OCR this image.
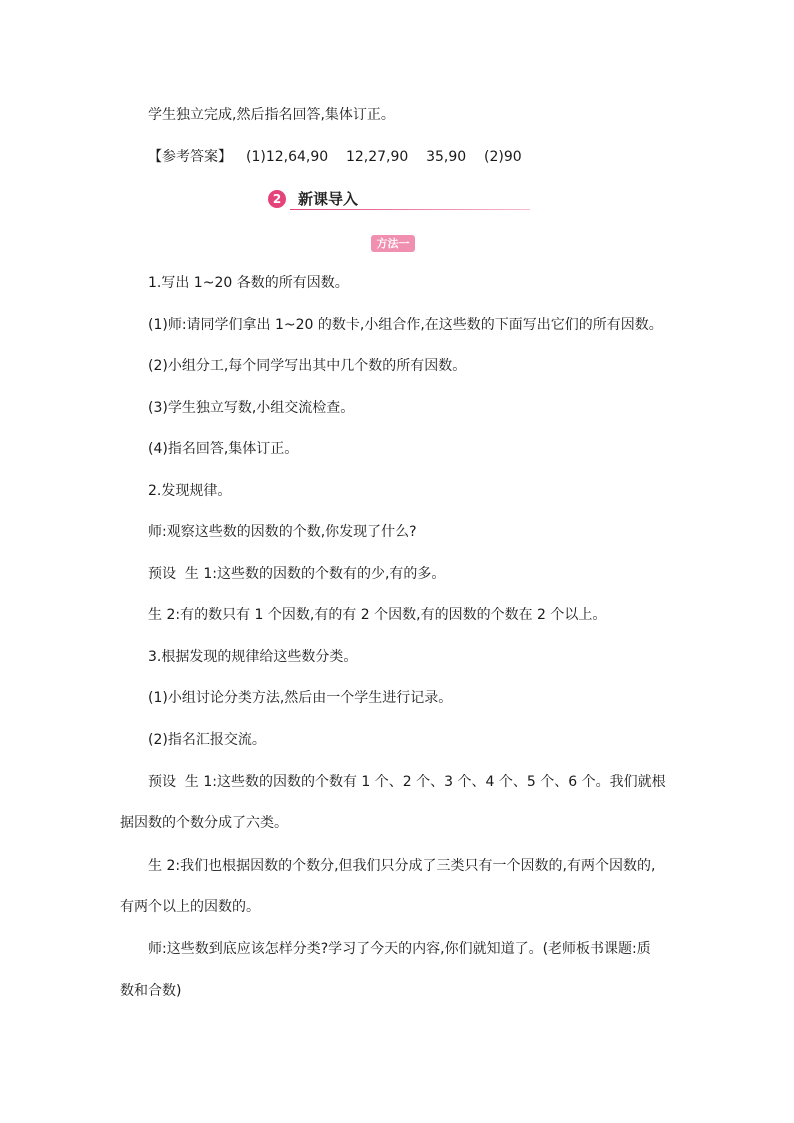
学生独立完成,然后指名回答,集体订正。

【参考答案】 (1)12,64,90    12,27,90    35,90    (2)90

2	新课导入
方法一

1.写出 1~20 各数的所有因数。

(1)师:请同学们拿出 1~20 的数卡,小组合作,在这些数的下面写出它们的所有因数。

(2)小组分工,每个同学写出其中几个数的所有因数。

(3)学生独立写数,小组交流检查。

(4)指名回答,集体订正。

2.发现规律。

师:观察这些数的因数的个数,你发现了什么?

预设  生 1:这些数的因数的个数有的少,有的多。

生 2:有的数只有 1 个因数,有的有 2 个因数,有的因数的个数在 2 个以上。

3.根据发现的规律给这些数分类。

(1)小组讨论分类方法,然后由一个学生进行记录。

(2)指名汇报交流。

预设  生 1:这些数的因数的个数有 1 个、2 个、3 个、4 个、5 个、6 个。我们就根

据因数的个数分成了六类。

生 2:我们也根据因数的个数分,但我们只分成了三类只有一个因数的,有两个因数的,

有两个以上的因数的。

师:这些数到底应该怎样分类?学习了今天的内容,你们就知道了。(老师板书课题:质

数和合数)
